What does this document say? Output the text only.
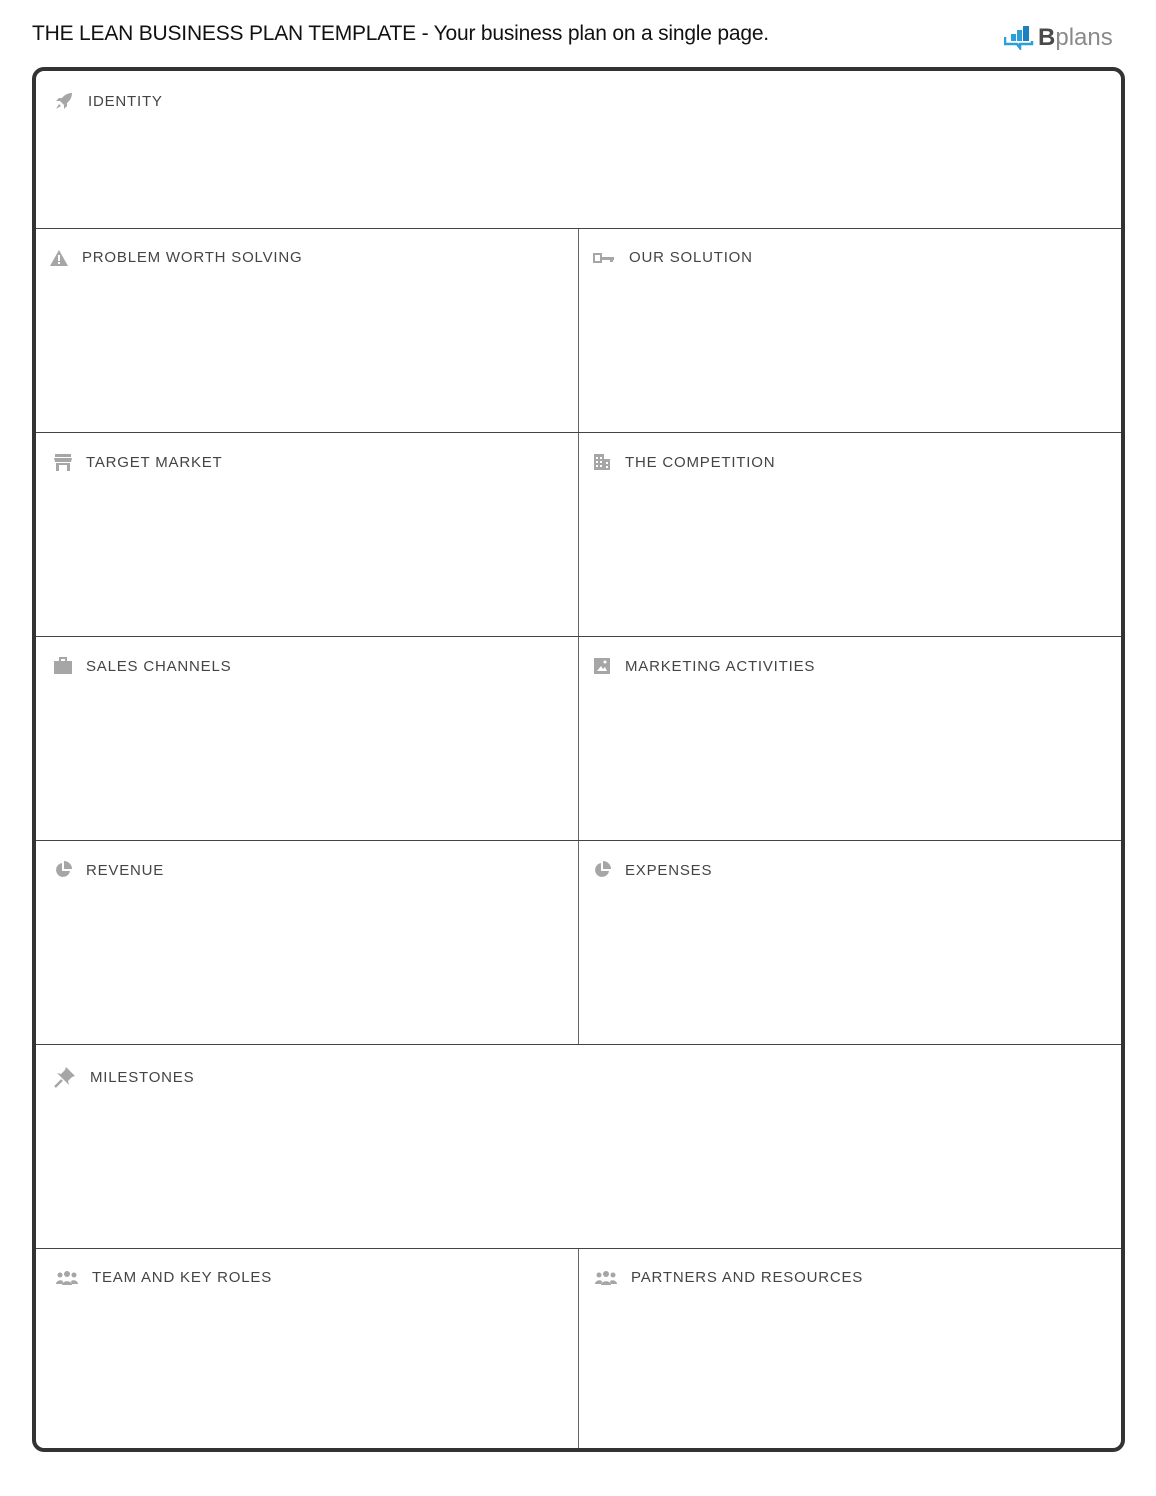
THE LEAN BUSINESS PLAN TEMPLATE - Your business plan on a single page.	B plans
IDENTITY
PROBLEM WORTH SOLVING	OUR SOLUTION
TARGET MARKET	THE COMPETITION
SALES CHANNELS	MARKETING ACTIVITIES
REVENUE	EXPENSES
MILESTONES
TEAM AND KEY ROLES	PARTNERS AND RESOURCES
